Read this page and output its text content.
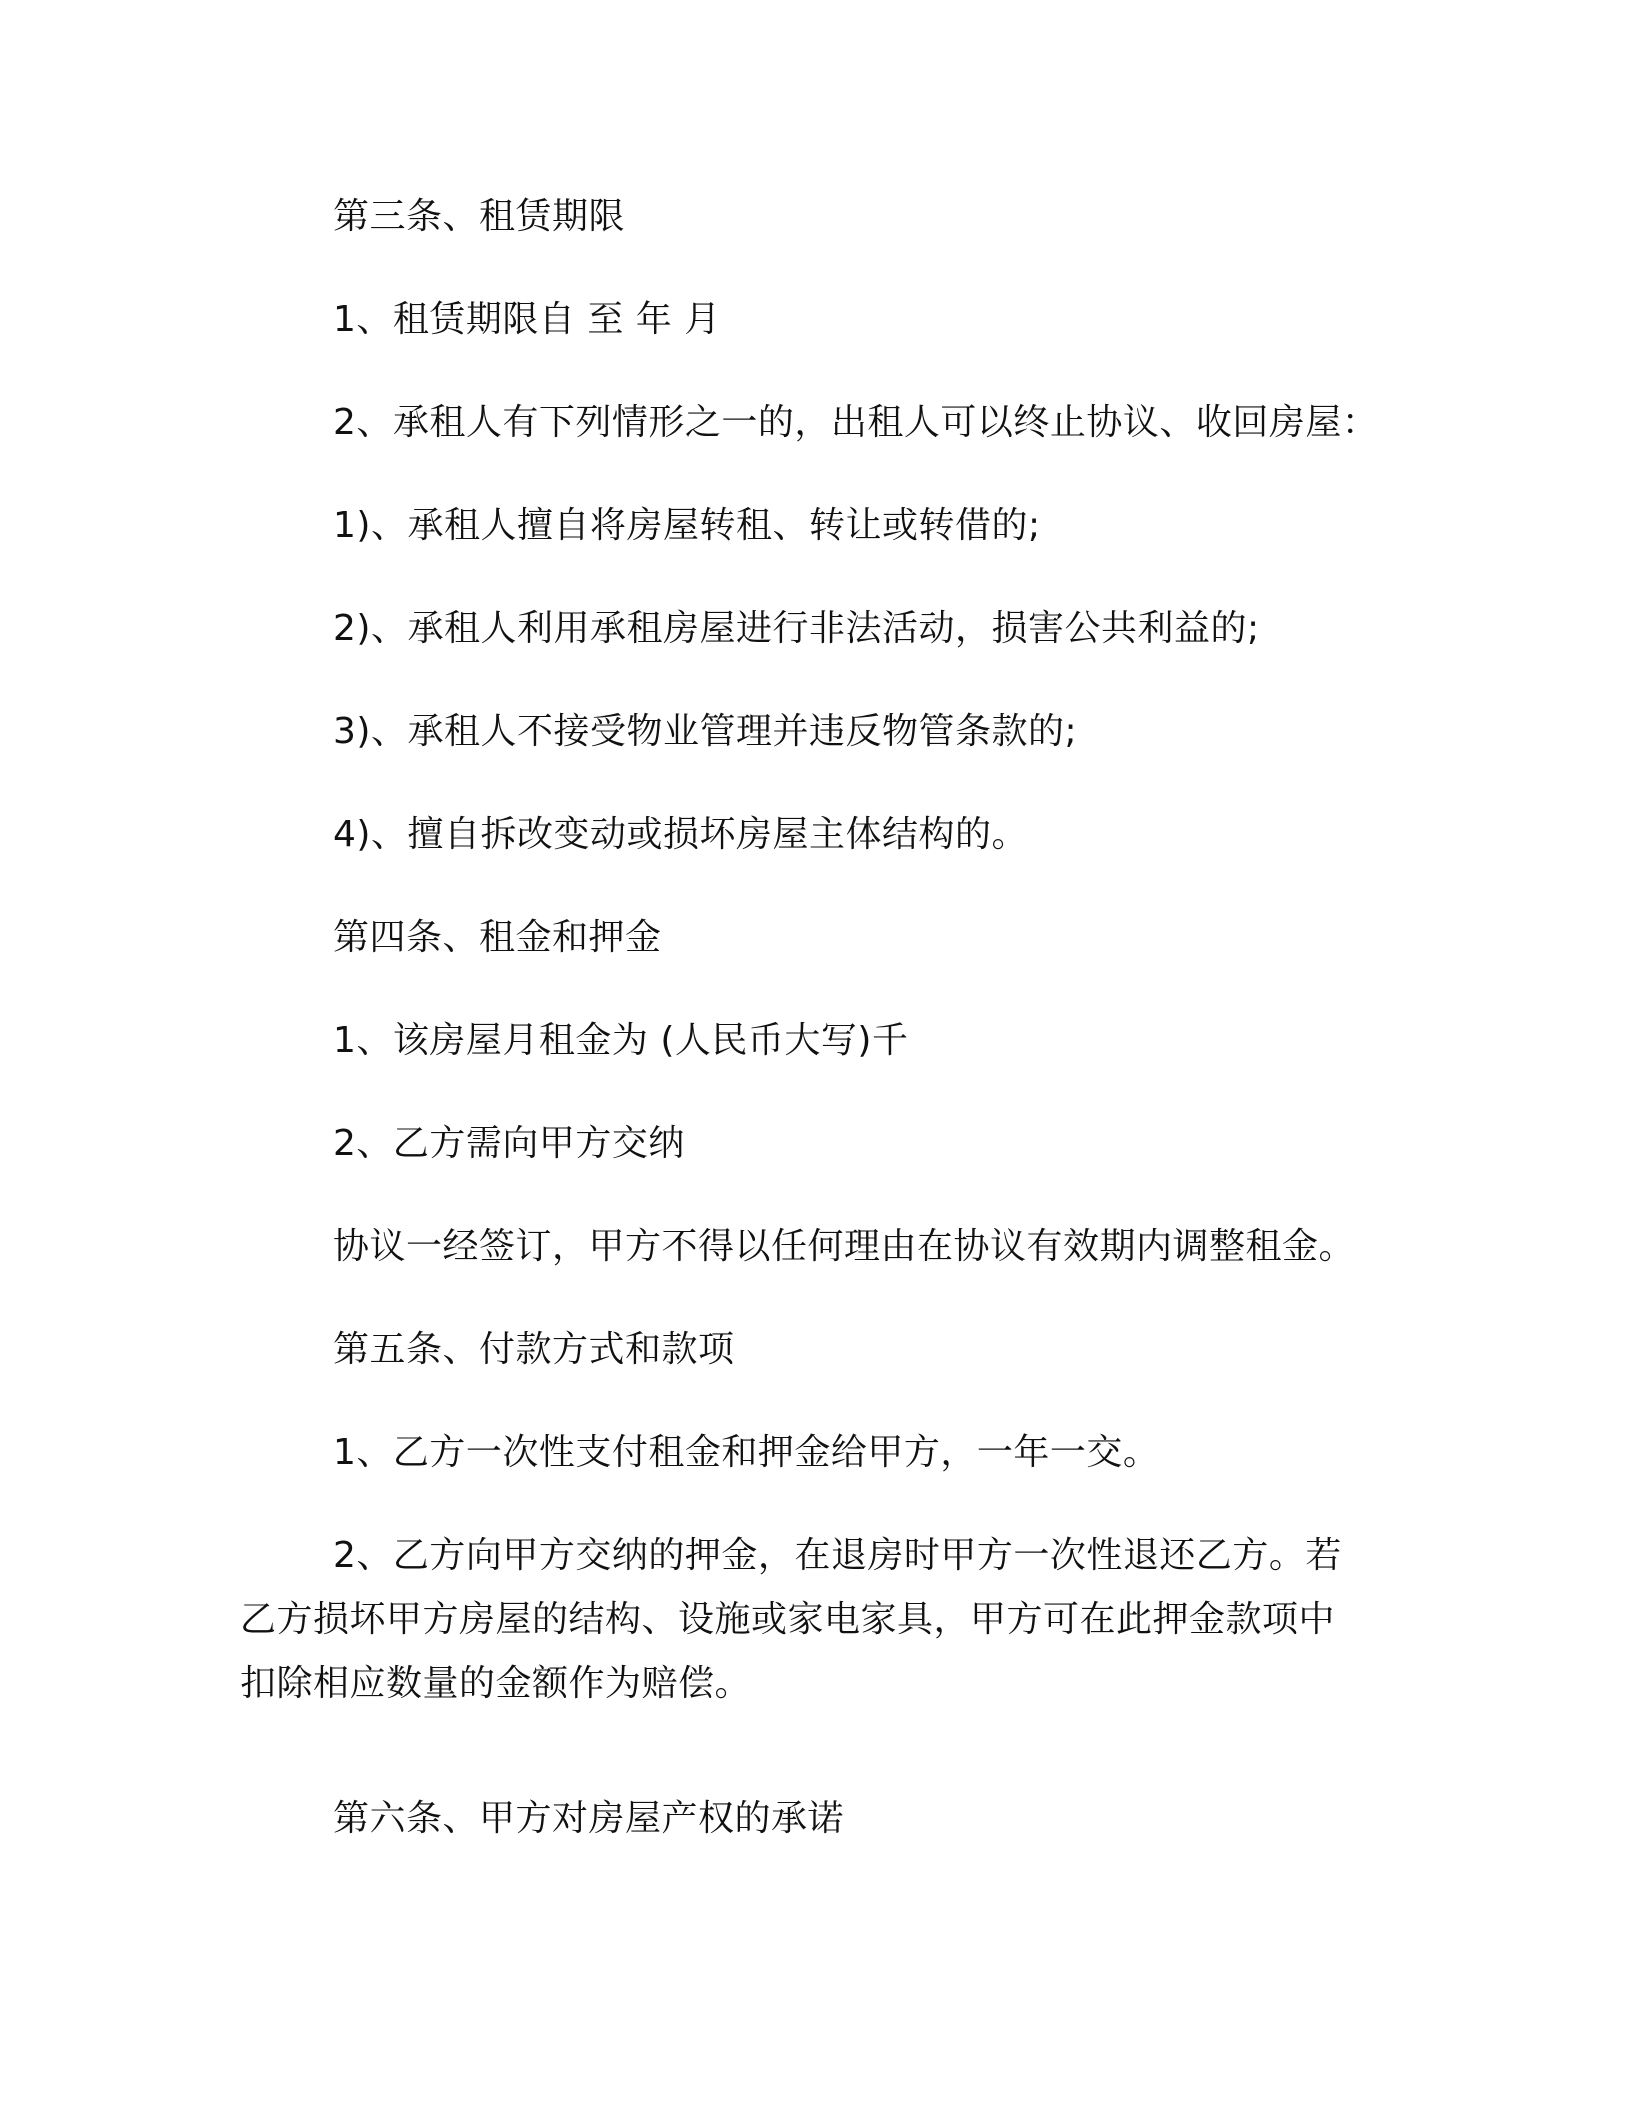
第三条、租赁期限

1、租赁期限自 至 年 月

2、承租人有下列情形之一的，出租人可以终止协议、收回房屋：

1)、承租人擅自将房屋转租、转让或转借的;

2)、承租人利用承租房屋进行非法活动，损害公共利益的;

3)、承租人不接受物业管理并违反物管条款的;

4)、擅自拆改变动或损坏房屋主体结构的。

第四条、租金和押金

1、该房屋月租金为 (人民币大写)千

2、乙方需向甲方交纳

协议一经签订，甲方不得以任何理由在协议有效期内调整租金。

第五条、付款方式和款项

1、乙方一次性支付租金和押金给甲方，一年一交。

2、乙方向甲方交纳的押金，在退房时甲方一次性退还乙方。若乙方损坏甲方房屋的结构、设施或家电家具，甲方可在此押金款项中扣除相应数量的金额作为赔偿。

第六条、甲方对房屋产权的承诺
